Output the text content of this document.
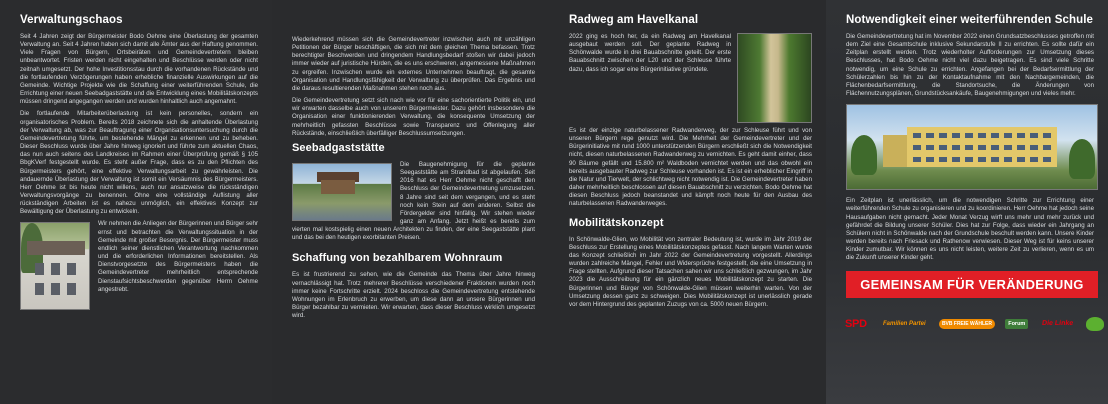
Verwaltungschaos

Seit 4 Jahren zeigt der Bürgermeister Bodo Oehme eine Überlastung der gesamten Verwaltung an. Seit 4 Jahren haben sich damit alle Ämter aus der Haftung genommen. Viele Fragen von Bürgern, Ortsbeiräten und Gemeindevertretern bleiben unbeantwortet. Fristen werden nicht eingehalten und Beschlüsse werden oder nicht zeitnah umgesetzt. Der hohe Investitionsstau durch die vorhandenen Rückstände und die fortlaufenden Verzögerungen haben erhebliche finanzielle Auswirkungen auf die Gemeinde. Wichtige Projekte wie die Schaffung einer weiterführenden Schule, die Errichtung einer neuen Seebadgaststätte und die Entwicklung eines Mobilitätskonzepts müssen dringend angegangen werden und wurden hinhaltlich auch angemahnt.

Die fortlaufende Mitarbeiterüberlastung ist kein personelles, sondern ein organisatorisches Problem. Bereits 2018 zeichnete sich die anhaltende Überlastung der Verwaltung ab, was zur Beauftragung einer Organisationsuntersuchung durch die Gemeindevertretung führte, um bestehende Mängel zu erkennen und zu beheben. Dieser Beschluss wurde über Jahre hinweg ignoriert und führte zum aktuellen Chaos, das nun auch seitens des Landkreises im Rahmen einer Überprüfung gemäß § 105 BbgKVerf festgestellt wurde. Es steht außer Frage, dass es zu den Pflichten des Bürgermeisters gehört, eine effektive Verwaltungsarbeit zu gewährleisten. Die andauernde Überlastung der Verwaltung ist somit ein Versäumnis des Bürgermeisters. Herr Oehme ist bis heute nicht willens, auch nur ansatzweise die rückständigen Verwaltungsvorgänge zu benennen. Ohne eine vollständige Auflistung aller rückständigen Arbeiten ist es nahezu unmöglich, ein effektives Konzept zur Bewältigung der Überlastung zu entwickeln.

Wir nehmen die Anliegen der Bürgerinnen und Bürger sehr ernst und betrachten die Verwaltungssituation in der Gemeinde mit großer Besorgnis. Der Bürgermeister muss endlich seiner dienstlichen Verantwortung nachkommen und die erforderlichen Informationen bereitstellen. Als Dienstvorgesetzte des Bürgermeisters haben die Gemeindevertreter mehrheitlich entsprechende Dienstaufsichtsbeschwerden gegenüber Herrn Oehme angestrebt.

Wiederkehrend müssen sich die Gemeindevertreter inzwischen auch mit unzähligen Petitionen der Bürger beschäftigen, die sich mit dem gleichen Thema befassen. Trotz berechtigter Beschwerden und dringendem Handlungsbedarf stoßen wir dabei jedoch immer wieder auf juristische Hürden, die es uns erschweren, angemessene Maßnahmen zu ergreifen. Inzwischen wurde ein externes Unternehmen beauftragt, die gesamte Organisation und Handlungsfähigkeit der Verwaltung zu überprüfen. Das Ergebnis und die daraus resultierenden Maßnahmen stehen noch aus.

Die Gemeindevertretung setzt sich nach wie vor für eine sachorientierte Politik ein, und wir erwarten dasselbe auch von unserem Bürgermeister. Dazu gehört insbesondere die Organisation einer funktionierenden Verwaltung, die konsequente Umsetzung der mehrheitlich gefassten Beschlüsse sowie Transparenz und Offenlegung aller Rückstände, einschließlich überfälliger Beschlussumsetzungen.

Seebadgaststätte

Die Baugenehmigung für die geplante Seegaststätte am Strandbad ist abgelaufen. Seit 2016 hat es Herr Oehme nicht geschafft den Beschluss der Gemeindevertretung umzusetzen. 8 Jahre sind seit dem vergangen, und es steht noch kein Stein auf dem anderen. Selbst die Fördergelder sind hinfällig. Wir stehen wieder ganz am Anfang. Jetzt heißt es bereits zum vierten mal kostspielig einen neuen Architekten zu finden, der eine Seegaststätte plant und das bei den heutigen exorbitanten Preisen.

Schaffung von bezahlbarem Wohnraum

Es ist frustrierend zu sehen, wie die Gemeinde das Thema über Jahre hinweg vernachlässigt hat. Trotz mehrerer Beschlüsse verschiedener Fraktionen wurden noch immer keine Fortschritte erzielt. 2024 beschloss die Gemeindevertretung entstehende Wohnungen im Erlenbruch zu erwerben, um diese dann an unsere Bürgerinnen und Bürger bezahlbar zu vermieten. Wir erwarten, dass dieser Beschluss wirklich umgesetzt wird.

Radweg am Havelkanal

2022 ging es hoch her, da ein Radweg am Havelkanal ausgebaut werden soll. Der geplante Radweg in Schönwalde wurde in drei Bauabschnitte geteilt. Der erste Bauabschnitt zwischen der L20 und der Schleuse führte dazu, dass ich sogar eine Bürgerinitiative gründete.

Es ist der einzige naturbelassener Radwanderweg, der zur Schleuse führt und von unseren Bürgern rege genutzt wird. Die Mehrheit der Gemeindevertreter und der Bürgerinitiative mit rund 1000 unterstützenden Bürgern erschließt sich die Notwendigkeit nicht, diesen naturbelassenen Radwanderweg zu vernichten. Es geht damit einher, dass 90 Bäume gefällt und 15.800 m² Waldboden vernichtet werden und das obwohl ein bereits ausgebauter Radweg zur Schleuse vorhanden ist. Es ist ein erheblicher Eingriff in die Natur und Tierwelt, der schlichtweg nicht notwendig ist. Die Gemeindevertreter haben daher mehrheitlich beschlossen auf diesen Bauabschnitt zu verzichten. Bodo Oehme hat diesen Beschluss jedoch beanstandet und kämpft noch heute für den Ausbau des naturbelassenen Radwanderweges.

Mobilitätskonzept

In Schönwalde-Glien, wo Mobilität von zentraler Bedeutung ist, wurde im Jahr 2019 der Beschluss zur Erstellung eines Mobilitätskonzeptes gefasst. Nach langem Warten wurde das Konzept schließlich im Jahr 2022 der Gemeindevertretung vorgestellt. Allerdings wurden zahlreiche Mängel, Fehler und Widersprüche festgestellt, die eine Umsetzung in Frage stellten. Aufgrund dieser Tatsachen sahen wir uns schließlich gezwungen, im Jahr 2023 die Ausschreibung für ein gänzlich neues Mobilitätskonzept zu starten. Die Bürgerinnen und Bürger von Schönwalde-Glien müssen weiterhin warten. Von der Umsetzung dessen ganz zu schweigen. Dies Mobilitätskonzept ist unerlässlich gerade vor dem Hintergrund des geplanten Zuzugs von ca. 5000 neuen Bürgern.

Notwendigkeit einer weiterführenden Schule

Die Gemeindevertretung hat im November 2022 einen Grundsatzbeschlusses getroffen mit dem Ziel eine Gesamtschule inklusive Sekundarstufe II zu errichten. Es sollte dafür ein Zeitplan erstellt werden. Trotz wiederholter Aufforderungen zur Umsetzung dieses Beschlusses, hat Bodo Oehme nicht viel dazu beigetragen. Es sind viele Schritte notwendig, um eine Schule zu errichten. Angefangen bei der Bedarfsermittlung der Schülerzahlen bis hin zu der Kontaktaufnahme mit den Nachbargemeinden, die Flächenbedarfsermittlung, die Standortsuche, die Änderungen von Flächennutzungsplänen, Grundstücksankäufe, Baugenehmigungen und vieles mehr.

Ein Zeitplan ist unerlässlich, um die notwendigen Schritte zur Errichtung einer weiterführenden Schule zu organisieren und zu koordinieren. Herr Oehme hat jedoch seine Hausaufgaben nicht gemacht. Jeder Monat Verzug wirft uns mehr und mehr zurück und gefährdet die Bildung unserer Schüler. Dies hat zur Folge, dass wieder ein Jahrgang an Schülern nicht in Schönwalde nach der Grundschule beschult werden kann. Unsere Kinder werden bereits nach Friesack und Rathenow verwiesen. Dieser Weg ist für keins unserer Kinder zumutbar. Wir können es uns nicht leisten, weitere Zeit zu verlieren, wenn es um die Zukunft unserer Kinder geht.

GEMEINSAM FÜR VERÄNDERUNG
SPD	Familien Partei	BVB FREIE WÄHLER	Forum	Die Linke
